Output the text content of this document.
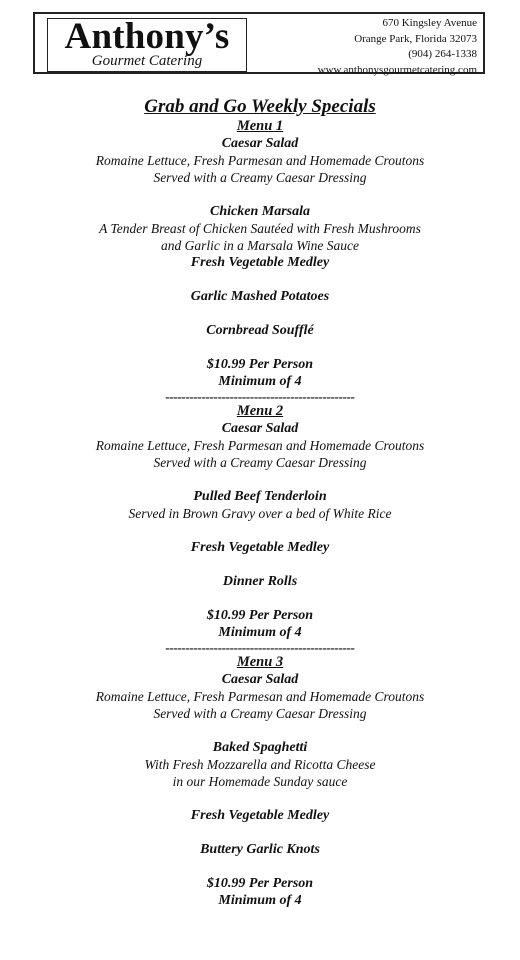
Anthony’s
Gourmet Catering
670 Kingsley Avenue
Orange Park, Florida 32073
(904) 264-1338
www.anthonysgourmetcatering.com
Grab and Go Weekly Specials
Menu 1
Caesar Salad
Romaine Lettuce, Fresh Parmesan and Homemade Croutons
Served with a Creamy Caesar Dressing
Chicken Marsala
A Tender Breast of Chicken Sautéed with Fresh Mushrooms
and Garlic in a Marsala Wine Sauce
Fresh Vegetable Medley
Garlic Mashed Potatoes
Cornbread Soufflé
$10.99 Per Person
Minimum of 4
-----------------------------------------------
Menu 2
Caesar Salad
Romaine Lettuce, Fresh Parmesan and Homemade Croutons
Served with a Creamy Caesar Dressing
Pulled Beef Tenderloin
Served in Brown Gravy over a bed of White Rice
Fresh Vegetable Medley
Dinner Rolls
$10.99 Per Person
Minimum of 4
-----------------------------------------------
Menu 3
Caesar Salad
Romaine Lettuce, Fresh Parmesan and Homemade Croutons
Served with a Creamy Caesar Dressing
Baked Spaghetti
With Fresh Mozzarella and Ricotta Cheese
in our Homemade Sunday sauce
Fresh Vegetable Medley
Buttery Garlic Knots
$10.99 Per Person
Minimum of 4
